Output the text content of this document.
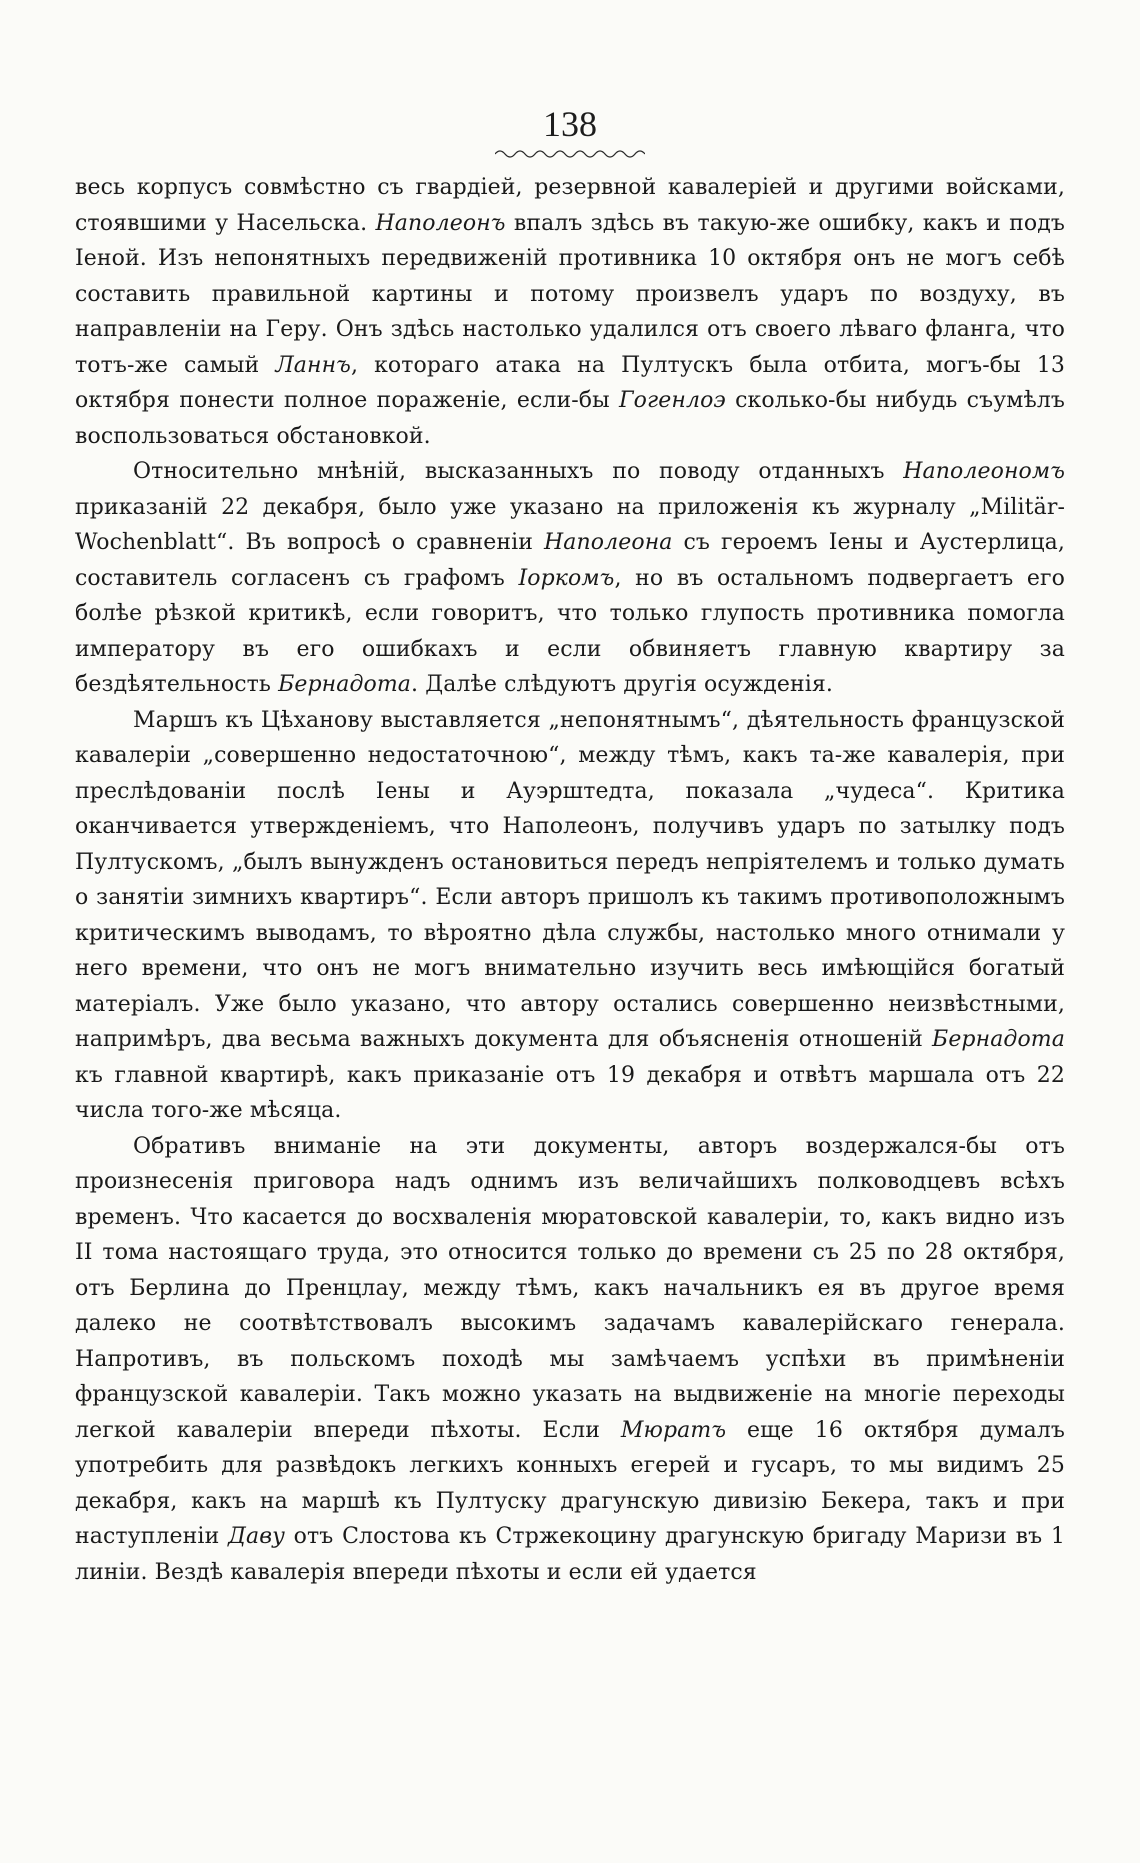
138

весь корпусъ совмѣстно съ гвардіей, резервной кавалеріей и другими войсками, стоявшими у Насельска. Наполеонъ впалъ здѣсь въ такую-же ошибку, какъ и подъ Іеной. Изъ непонятныхъ передвиженій противника 10 октября онъ не могъ себѣ составить правильной картины и потому произвелъ ударъ по воздуху, въ направленіи на Геру. Онъ здѣсь настолько удалился отъ своего лѣваго фланга, что тотъ-же самый Ланнъ, котораго атака на Пултускъ была отбита, могъ-бы 13 октября понести полное пораженіе, если-бы Гогенлоэ сколько-бы нибудь съумѣлъ воспользоваться обстановкой.

Относительно мнѣній, высказанныхъ по поводу отданныхъ Наполеономъ приказаній 22 декабря, было уже указано на приложенія къ журналу „Militär-Wochenblatt“. Въ вопросѣ о сравненіи Наполеона съ героемъ Іены и Аустерлица, составитель согласенъ съ графомъ Іоркомъ, но въ остальномъ подвергаетъ его болѣе рѣзкой критикѣ, если говоритъ, что только глупость противника помогла императору въ его ошибкахъ и если обвиняетъ главную квартиру за бездѣятельность Бернадота. Далѣе слѣдуютъ другія осужденія.

Маршъ къ Цѣханову выставляется „непонятнымъ“, дѣятельность французской кавалеріи „совершенно недостаточною“, между тѣмъ, какъ та-же кавалерія, при преслѣдованіи послѣ Іены и Ауэрштедта, показала „чудеса“. Критика оканчивается утвержденіемъ, что Наполеонъ, получивъ ударъ по затылку подъ Пултускомъ, „былъ вынужденъ остановиться передъ непріятелемъ и только думать о занятіи зимнихъ квартиръ“. Если авторъ пришолъ къ такимъ противоположнымъ критическимъ выводамъ, то вѣроятно дѣла службы, настолько много отнимали у него времени, что онъ не могъ внимательно изучить весь имѣющійся богатый матеріалъ. Уже было указано, что автору остались совершенно неизвѣстными, напримѣръ, два весьма важныхъ документа для объясненія отношеній Бернадота къ главной квартирѣ, какъ приказаніе отъ 19 декабря и отвѣтъ маршала отъ 22 числа того-же мѣсяца.

Обративъ вниманіе на эти документы, авторъ воздержался-бы отъ произнесенія приговора надъ однимъ изъ величайшихъ полководцевъ всѣхъ временъ. Что касается до восхваленія мюратовской кавалеріи, то, какъ видно изъ II тома настоящаго труда, это относится только до времени съ 25 по 28 октября, отъ Берлина до Пренцлау, между тѣмъ, какъ начальникъ ея въ другое время далеко не соотвѣтствовалъ высокимъ задачамъ кавалерійскаго генерала. Напротивъ, въ польскомъ походѣ мы замѣчаемъ успѣхи въ примѣненіи французской кавалеріи. Такъ можно указать на выдвиженіе на многіе переходы легкой кавалеріи впереди пѣхоты. Если Мюратъ еще 16 октября думалъ употребить для развѣдокъ легкихъ конныхъ егерей и гусаръ, то мы видимъ 25 декабря, какъ на маршѣ къ Пултуску драгунскую дивизію Бекера, такъ и при наступленіи Даву отъ Слостова къ Стржекоцину драгунскую бригаду Маризи въ 1 линіи. Вездѣ кавалерія впереди пѣхоты и если ей удается
